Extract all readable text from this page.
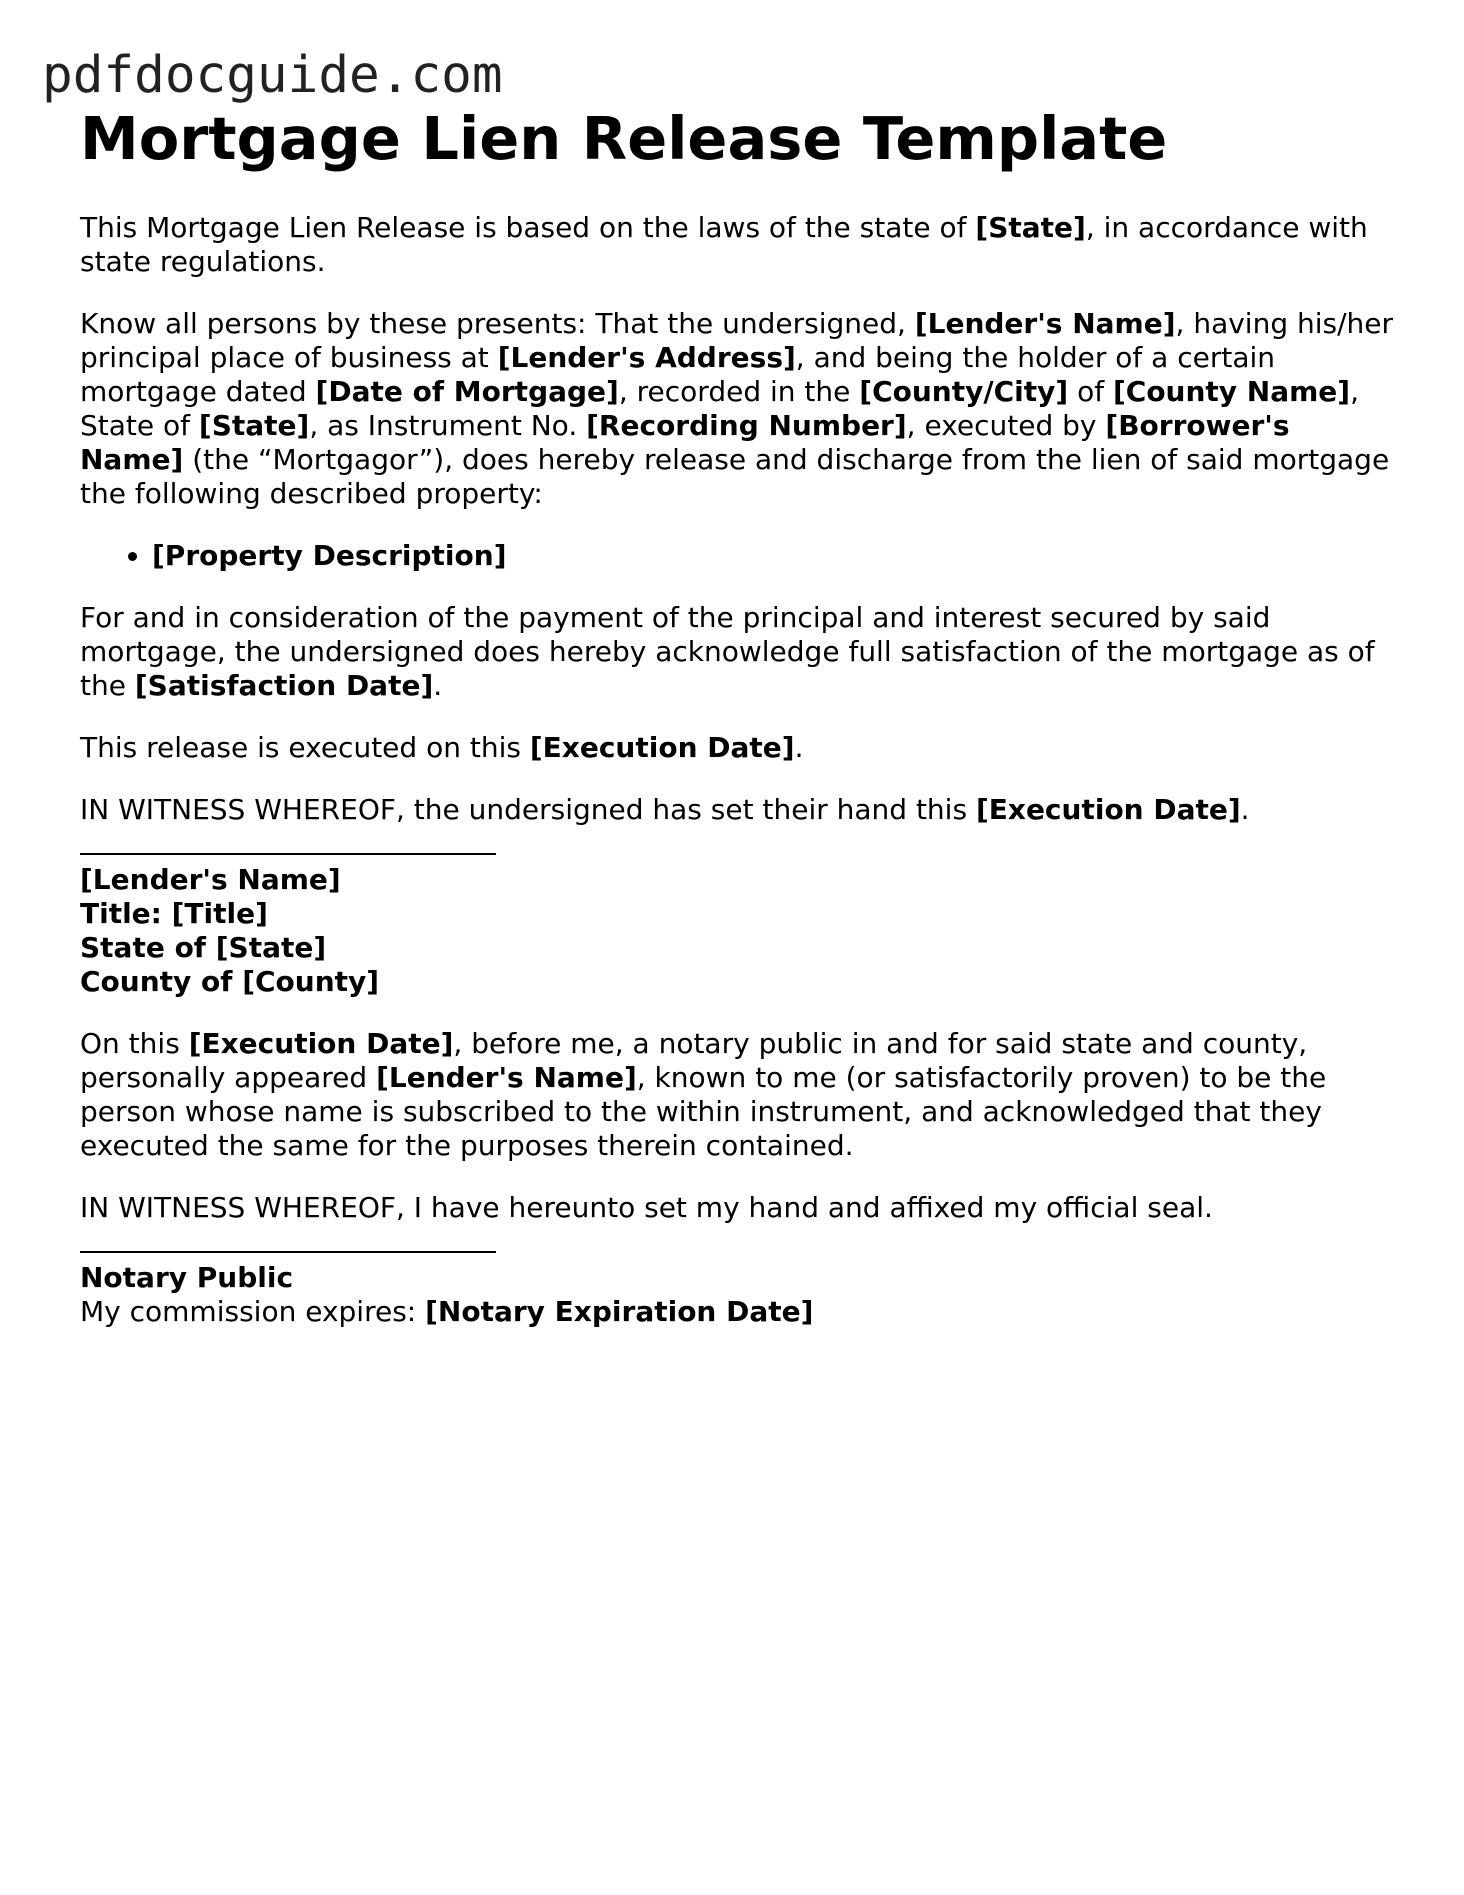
pdfdocguide.com
Mortgage Lien Release Template

This Mortgage Lien Release is based on the laws of the state of [State], in accordance with state regulations.

Know all persons by these presents: That the undersigned, [Lender's Name], having his/her principal place of business at [Lender's Address], and being the holder of a certain mortgage dated [Date of Mortgage], recorded in the [County/City] of [County Name], State of [State], as Instrument No. [Recording Number], executed by [Borrower's Name] (the “Mortgagor”), does hereby release and discharge from the lien of said mortgage the following described property:

• [Property Description]

For and in consideration of the payment of the principal and interest secured by said mortgage, the undersigned does hereby acknowledge full satisfaction of the mortgage as of the [Satisfaction Date].

This release is executed on this [Execution Date].

IN WITNESS WHEREOF, the undersigned has set their hand this [Execution Date].

[Lender's Name]
Title: [Title]
State of [State]
County of [County]

On this [Execution Date], before me, a notary public in and for said state and county, personally appeared [Lender's Name], known to me (or satisfactorily proven) to be the person whose name is subscribed to the within instrument, and acknowledged that they executed the same for the purposes therein contained.

IN WITNESS WHEREOF, I have hereunto set my hand and affixed my official seal.

Notary Public
My commission expires: [Notary Expiration Date]
